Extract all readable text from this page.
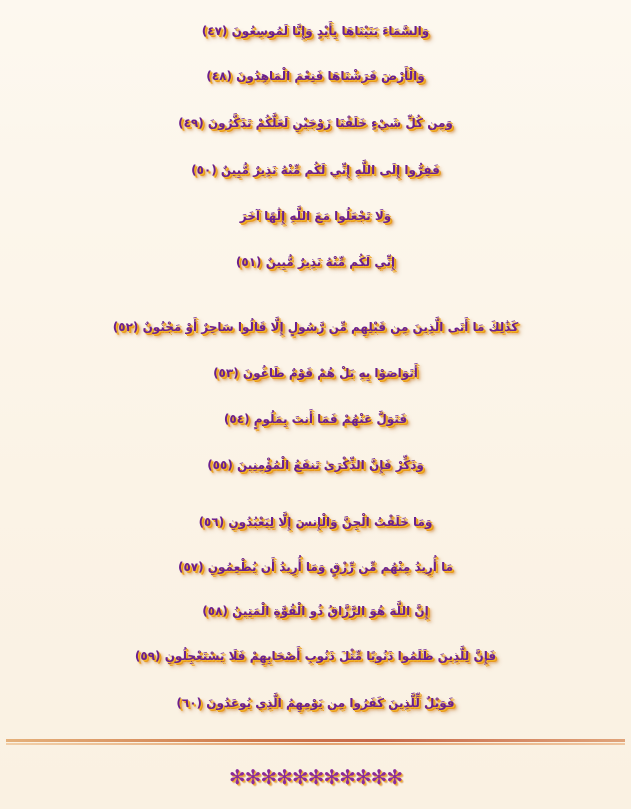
وَالسَّمَاءَ بَنَيْنَاهَا بِأَيْدٍ وَإِنَّا لَمُوسِعُونَ (٤٧)
وَالْأَرْضَ فَرَشْنَاهَا فَنِعْمَ الْمَاهِدُونَ (٤٨)
وَمِن كُلِّ شَيْءٍ خَلَقْنَا زَوْجَيْنِ لَعَلَّكُمْ تَذَكَّرُونَ (٤٩)
فَفِرُّوا إِلَى اللَّهِ إِنِّي لَكُم مِّنْهُ نَذِيرٌ مُّبِينٌ (٥٠)
وَلَا تَجْعَلُوا مَعَ اللَّهِ إِلَٰهًا آخَرَ
إِنِّي لَكُم مِّنْهُ نَذِيرٌ مُّبِينٌ (٥١)
كَذَٰلِكَ مَا أَتَى الَّذِينَ مِن قَبْلِهِم مِّن رَّسُولٍ إِلَّا قَالُوا سَاحِرٌ أَوْ مَجْنُونٌ (٥٢)
أَتَوَاصَوْا بِهِ بَلْ هُمْ قَوْمٌ طَاغُونَ (٥٣)
فَتَوَلَّ عَنْهُمْ فَمَا أَنتَ بِمَلُومٍ (٥٤)
وَذَكِّرْ فَإِنَّ الذِّكْرَىٰ تَنفَعُ الْمُؤْمِنِينَ (٥٥)
وَمَا خَلَقْتُ الْجِنَّ وَالْإِنسَ إِلَّا لِيَعْبُدُونِ (٥٦)
مَا أُرِيدُ مِنْهُم مِّن رِّزْقٍ وَمَا أُرِيدُ أَن يُطْعِمُونِ (٥٧)
إِنَّ اللَّهَ هُوَ الرَّزَّاقُ ذُو الْقُوَّةِ الْمَتِينُ (٥٨)
فَإِنَّ لِلَّذِينَ ظَلَمُوا ذَنُوبًا مِّثْلَ ذَنُوبِ أَصْحَابِهِمْ فَلَا يَسْتَعْجِلُونِ (٥٩)
فَوَيْلٌ لِّلَّذِينَ كَفَرُوا مِن يَوْمِهِمُ الَّذِي يُوعَدُونَ (٦٠)
✻✻✻✻✻✻✻✻✻✻✻
